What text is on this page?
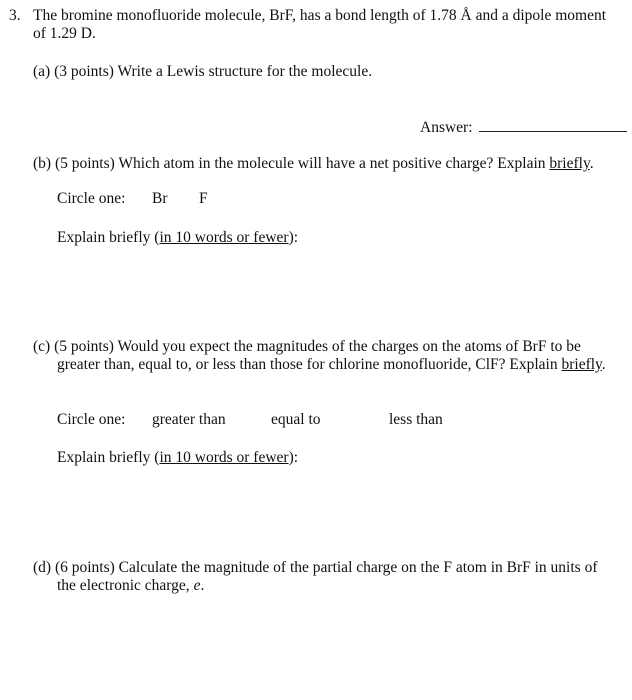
3. The bromine monofluoride molecule, BrF, has a bond length of 1.78 Å and a dipole moment
of 1.29 D.
(a) (3 points) Write a Lewis structure for the molecule.
Answer:
(b) (5 points) Which atom in the molecule will have a net positive charge? Explain briefly.
Circle one: Br F
Explain briefly (in 10 words or fewer):
(c) (5 points) Would you expect the magnitudes of the charges on the atoms of BrF to be
greater than, equal to, or less than those for chlorine monofluoride, ClF? Explain briefly.
Circle one: greater than	equal to	less than
Explain briefly (in 10 words or fewer):
(d) (6 points) Calculate the magnitude of the partial charge on the F atom in BrF in units of
the electronic charge, e.
